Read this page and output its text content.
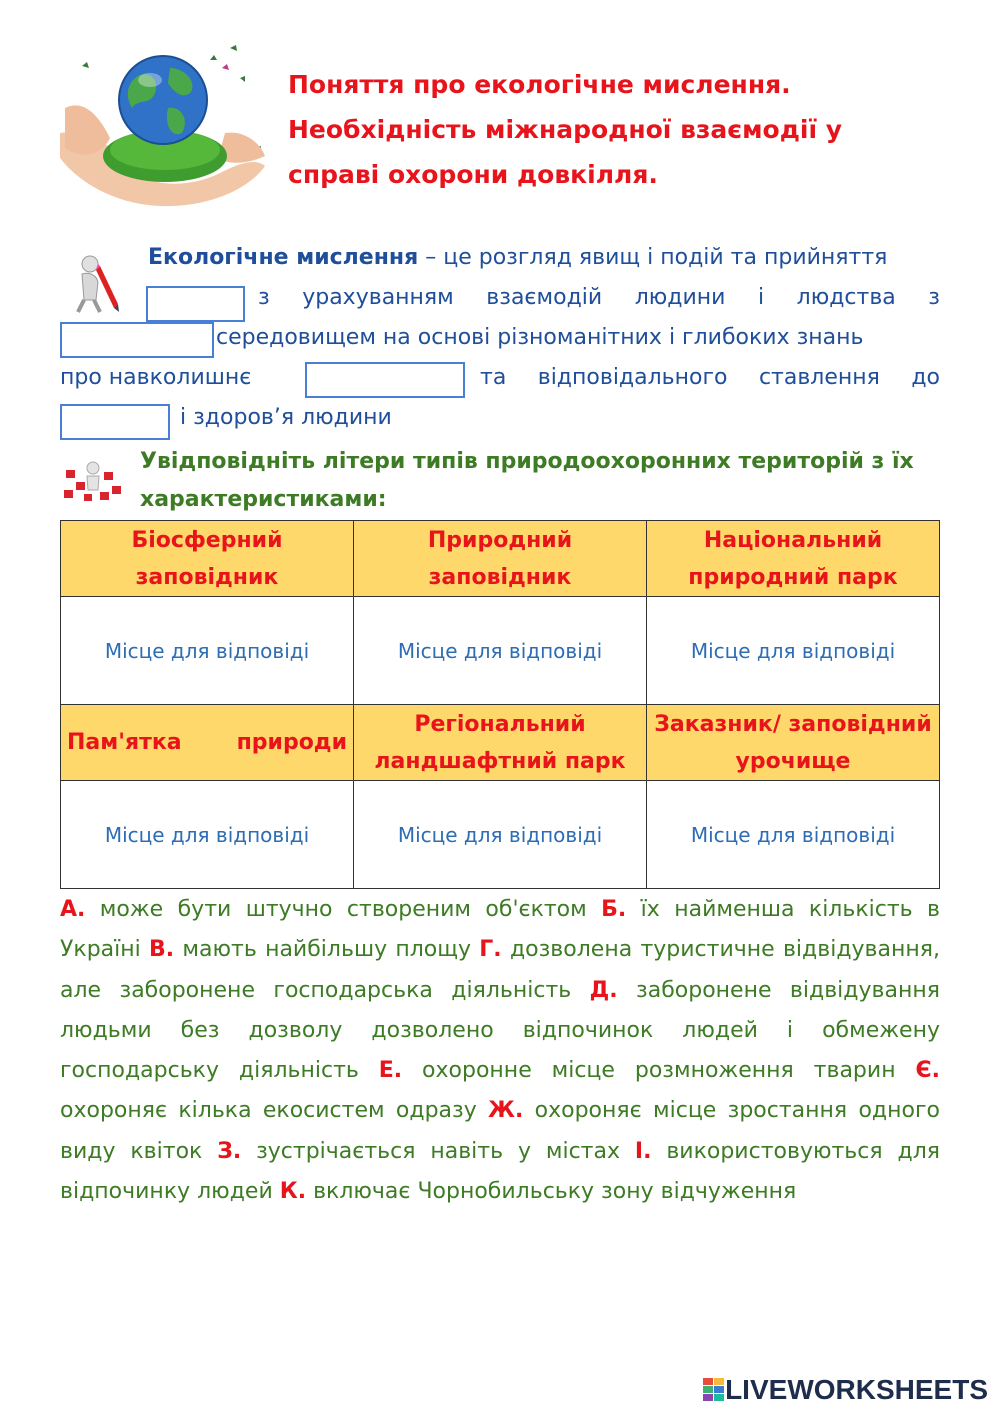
Поняття про екологічне мислення.
Необхідність міжнародної взаємодії у
справі охорони довкілля.
Екологічне мислення – це розгляд явищ і подій та прийняття
з урахуванням взаємодій людини і людства з
середовищем на основі різноманітних і глибоких знань
про навколишнє	та відповідального ставлення до
і здоров’я людини
Увідповідніть літери типів природоохоронних територій з їх характеристиками:
Біосферний заповідник	Природний заповідник	Національний природний парк
Місце для відповіді	Місце для відповіді	Місце для відповіді
Пам'ятка природи	Регіональний ландшафтний парк	Заказник/ заповідний урочище
Місце для відповіді	Місце для відповіді	Місце для відповіді
А. може бути штучно створеним об'єктом Б. їх найменша кількість в Україні В. мають найбільшу площу Г. дозволена туристичне відвідування, але заборонене господарська діяльність Д. заборонене відвідування людьми без дозволу дозволено відпочинок людей і обмежену господарську діяльність Е. охоронне місце розмноження тварин Є. охороняє кілька екосистем одразу Ж. охороняє місце зростання одного виду квіток З. зустрічається навіть у містах І. використовуються для відпочинку людей К. включає Чорнобильську зону відчуження
LIVEWORKSHEETS
